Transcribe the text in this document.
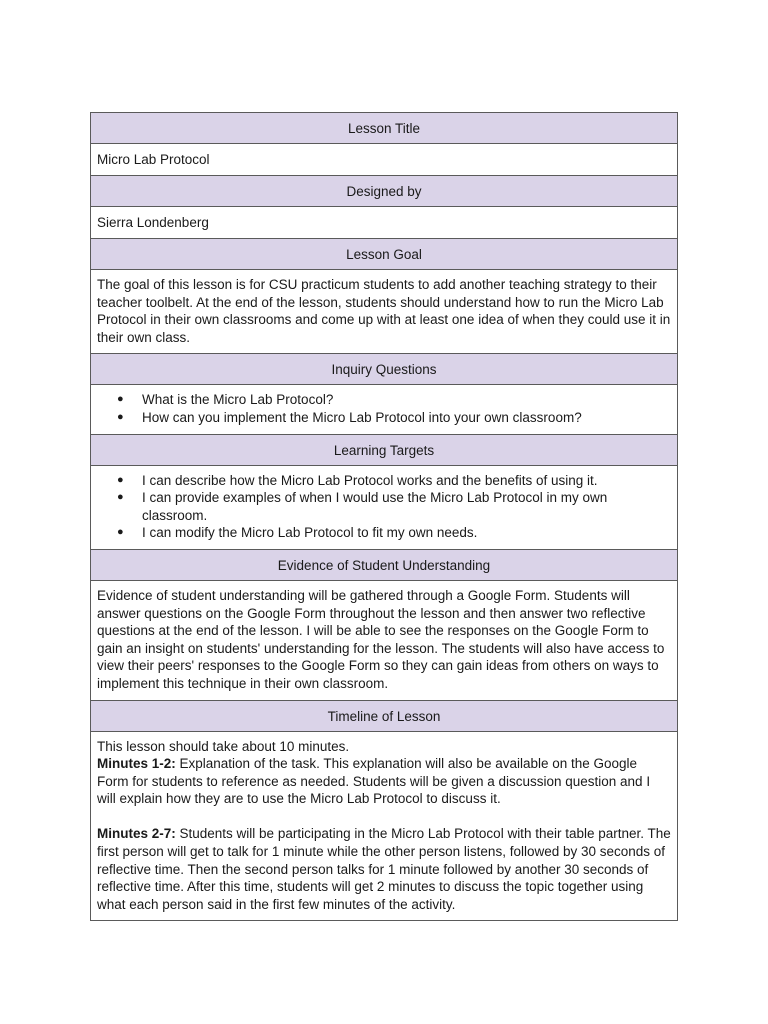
Lesson Title
Micro Lab Protocol
Designed by
Sierra Londenberg
Lesson Goal
The goal of this lesson is for CSU practicum students to add another teaching strategy to their teacher toolbelt. At the end of the lesson, students should understand how to run the Micro Lab Protocol in their own classrooms and come up with at least one idea of when they could use it in their own class.
Inquiry Questions
● What is the Micro Lab Protocol?
● How can you implement the Micro Lab Protocol into your own classroom?
Learning Targets
● I can describe how the Micro Lab Protocol works and the benefits of using it.
● I can provide examples of when I would use the Micro Lab Protocol in my own classroom.
● I can modify the Micro Lab Protocol to fit my own needs.
Evidence of Student Understanding
Evidence of student understanding will be gathered through a Google Form. Students will answer questions on the Google Form throughout the lesson and then answer two reflective questions at the end of the lesson. I will be able to see the responses on the Google Form to gain an insight on students' understanding for the lesson. The students will also have access to view their peers' responses to the Google Form so they can gain ideas from others on ways to implement this technique in their own classroom.
Timeline of Lesson
This lesson should take about 10 minutes.
Minutes 1-2: Explanation of the task. This explanation will also be available on the Google Form for students to reference as needed. Students will be given a discussion question and I will explain how they are to use the Micro Lab Protocol to discuss it.
Minutes 2-7: Students will be participating in the Micro Lab Protocol with their table partner. The first person will get to talk for 1 minute while the other person listens, followed by 30 seconds of reflective time. Then the second person talks for 1 minute followed by another 30 seconds of reflective time. After this time, students will get 2 minutes to discuss the topic together using what each person said in the first few minutes of the activity.
